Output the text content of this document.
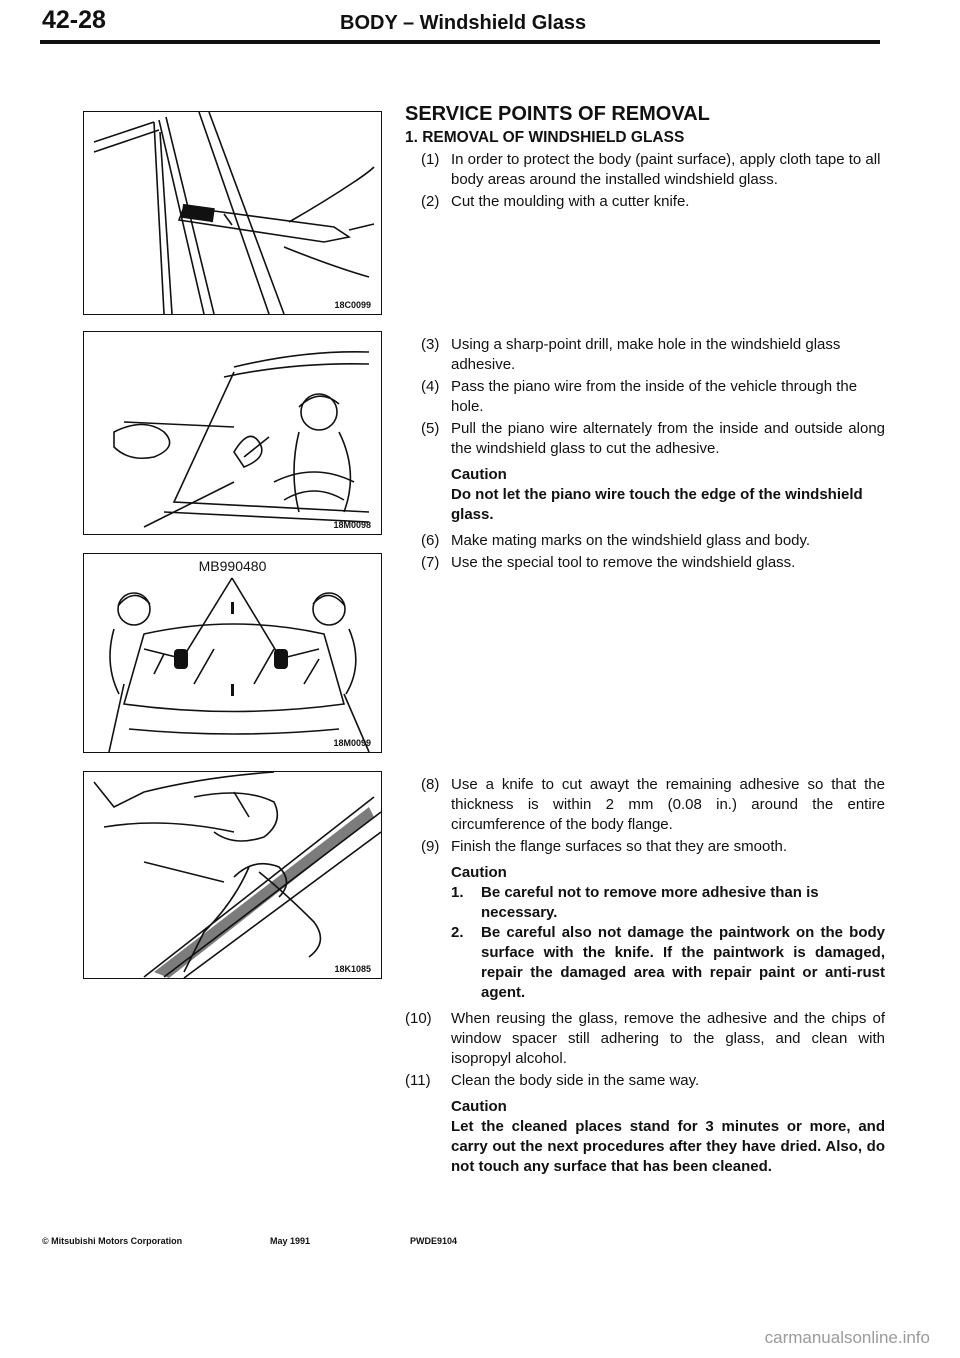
42-28	BODY – Windshield Glass
18C0099
18M0098
MB990480
18M0099
18K1085
SERVICE POINTS OF REMOVAL
1. REMOVAL OF WINDSHIELD GLASS
(1) In order to protect the body (paint surface), apply cloth tape to all body areas around the installed windshield glass.
(2) Cut the moulding with a cutter knife.
(3) Using a sharp-point drill, make hole in the windshield glass adhesive.
(4) Pass the piano wire from the inside of the vehicle through the hole.
(5) Pull the piano wire alternately from the inside and outside along the windshield glass to cut the adhesive.
Caution
Do not let the piano wire touch the edge of the windshield glass.
(6) Make mating marks on the windshield glass and body.
(7) Use the special tool to remove the windshield glass.
(8) Use a knife to cut awayt the remaining adhesive so that the thickness is within 2 mm (0.08 in.) around the entire circumference of the body flange.
(9) Finish the flange surfaces so that they are smooth.
Caution
1. Be careful not to remove more adhesive than is necessary.
2. Be careful also not damage the paintwork on the body surface with the knife. If the paintwork is damaged, repair the damaged area with repair paint or anti-rust agent.
(10) When reusing the glass, remove the adhesive and the chips of window spacer still adhering to the glass, and clean with isopropyl alcohol.
(11) Clean the body side in the same way.
Caution
Let the cleaned places stand for 3 minutes or more, and carry out the next procedures after they have dried. Also, do not touch any surface that has been cleaned.
© Mitsubishi Motors Corporation	May 1991	PWDE9104
carmanualsonline.info
